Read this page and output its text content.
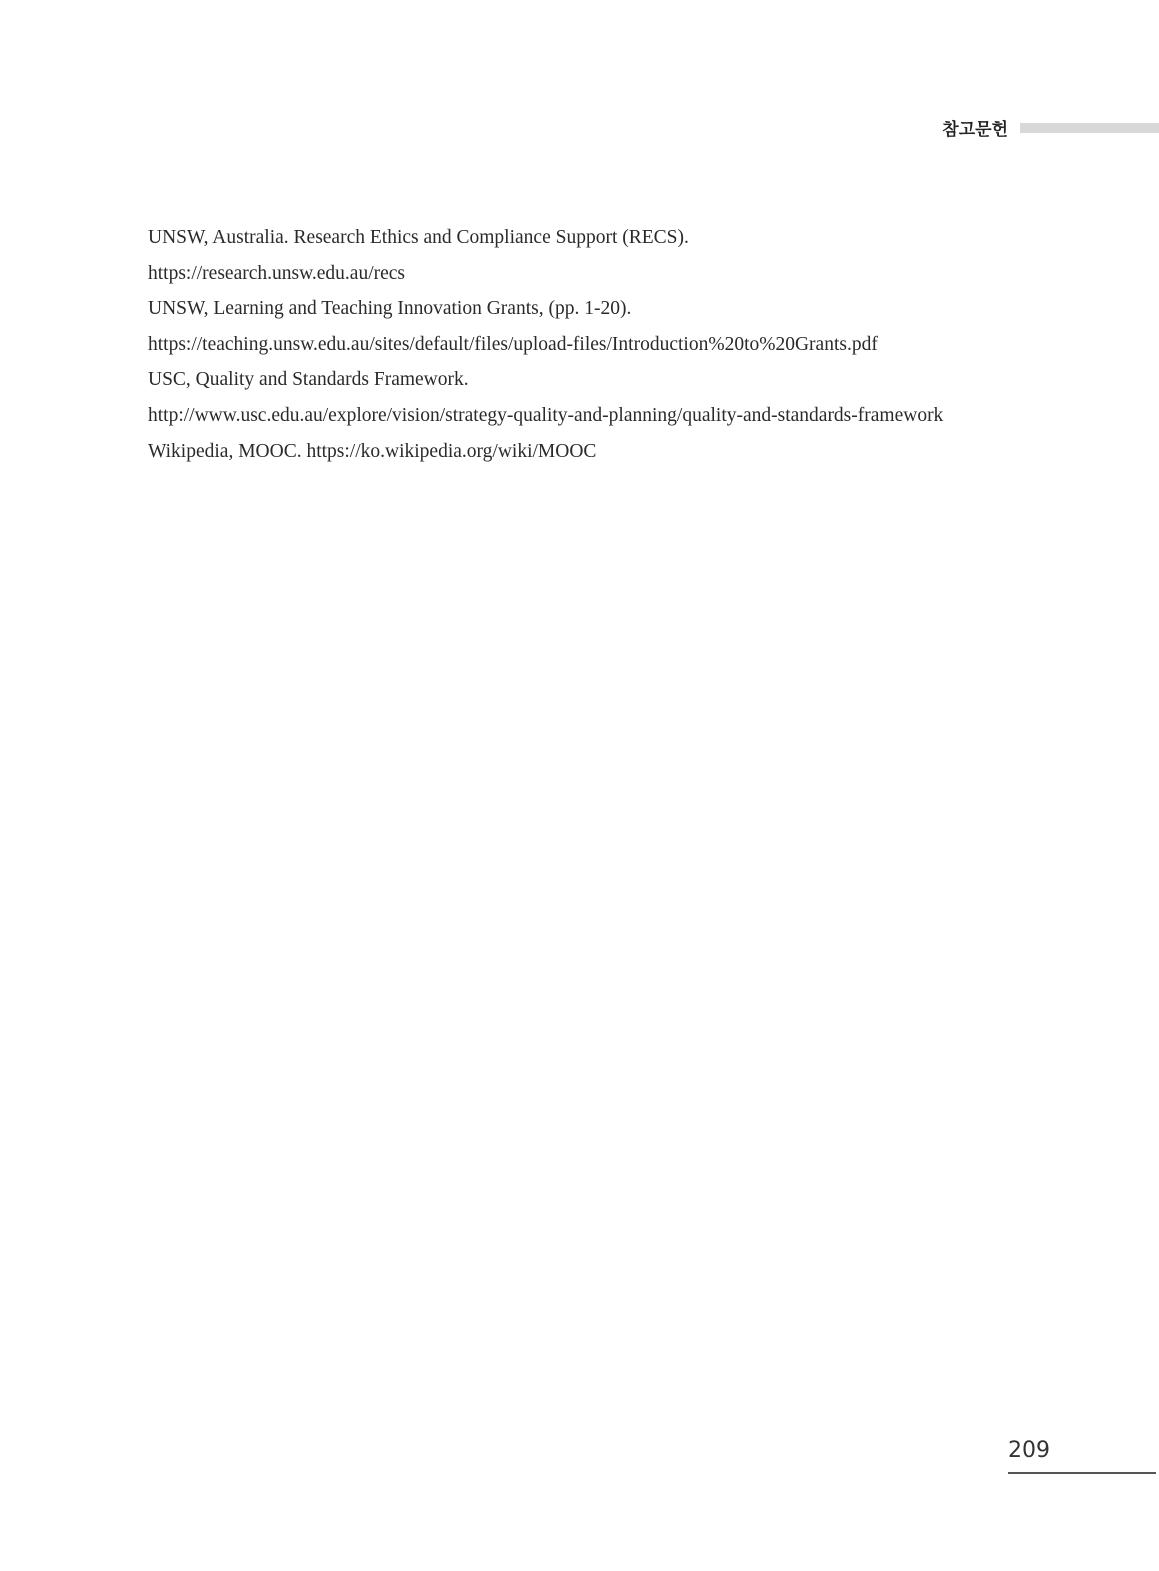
참고문헌

UNSW, Australia. Research Ethics and Compliance Support (RECS).
https://research.unsw.edu.au/recs

UNSW, Learning and Teaching Innovation Grants, (pp. 1-20).
https://teaching.unsw.edu.au/sites/default/files/upload-files/Introduction%20to%20Grants.pdf

USC, Quality and Standards Framework.
http://www.usc.edu.au/explore/vision/strategy-quality-and-planning/quality-and-standards-framework

Wikipedia, MOOC. https://ko.wikipedia.org/wiki/MOOC

209
